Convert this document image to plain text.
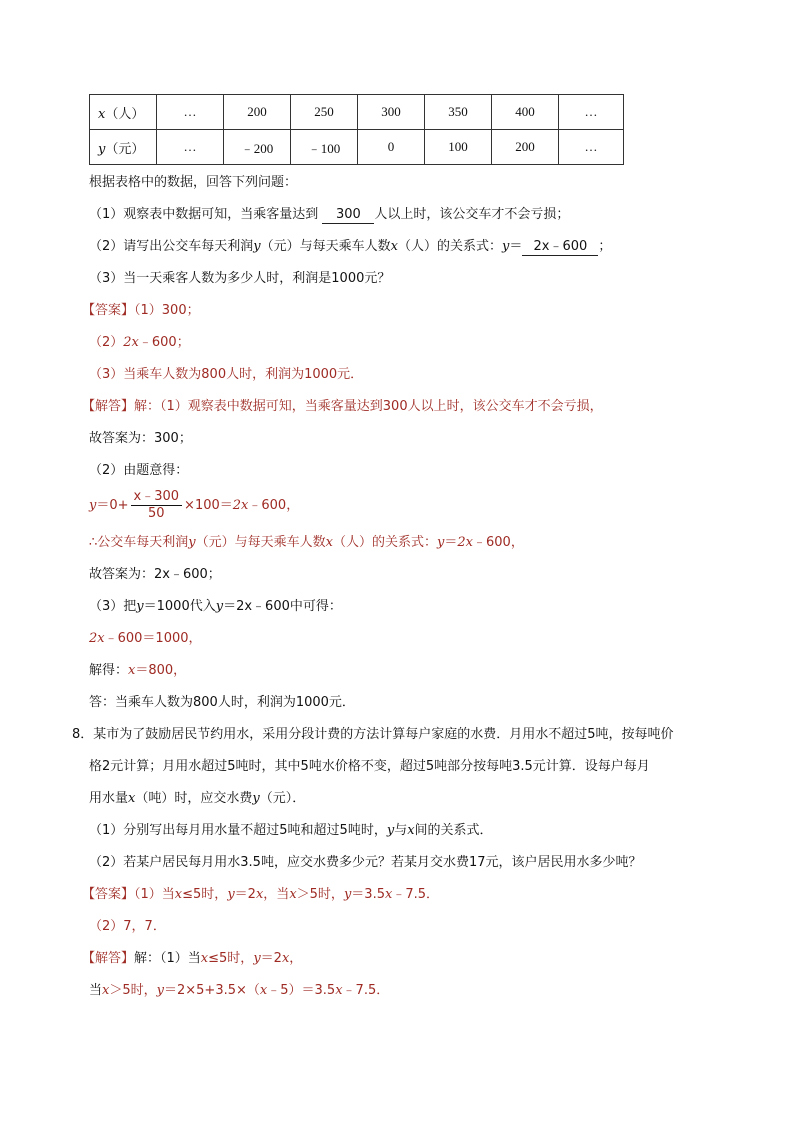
x（人）	…	200	250	300	350	400	…
y（元）	…	﹣200	﹣100	0	100	200	…
根据表格中的数据，回答下列问题：
（1）观察表中数据可知，当乘客量达到 300 人以上时，该公交车才不会亏损；
（2）请写出公交车每天利润y（元）与每天乘车人数x（人）的关系式：y＝ 2x﹣600 ；
（3）当一天乘客人数为多少人时，利润是1000元？
【答案】（1）300；
（2）2x﹣600；
（3）当乘车人数为800人时，利润为1000元．
【解答】解：（1）观察表中数据可知，当乘客量达到300人以上时，该公交车才不会亏损，
故答案为：300；
（2）由题意得：
$y=0+ \frac{x﹣300}{50}$ ×100＝2x﹣600，
∴公交车每天利润y（元）与每天乘车人数x（人）的关系式：y＝2x﹣600，
故答案为：2x﹣600；
（3）把y＝1000代入y＝2x﹣600中可得：
2x﹣600＝1000，
解得：x＝800，
答：当乘车人数为800人时，利润为1000元．
8．某市为了鼓励居民节约用水，采用分段计费的方法计算每户家庭的水费．月用水不超过5吨，按每吨价
格2元计算；月用水超过5吨时，其中5吨水价格不变，超过5吨部分按每吨3.5元计算．设每户每月
用水量x（吨）时，应交水费y（元）．
（1）分别写出每月用水量不超过5吨和超过5吨时，y与x间的关系式．
（2）若某户居民每月用水3.5吨，应交水费多少元？若某月交水费17元，该户居民用水多少吨？
【答案】（1）当x≤5时，y＝2x，当x＞5时，y＝3.5x﹣7.5．
（2）7，7．
【解答】解：（1）当x≤5时，y＝2x，
当x＞5时，y＝2×5+3.5×（x﹣5）＝3.5x﹣7.5．
